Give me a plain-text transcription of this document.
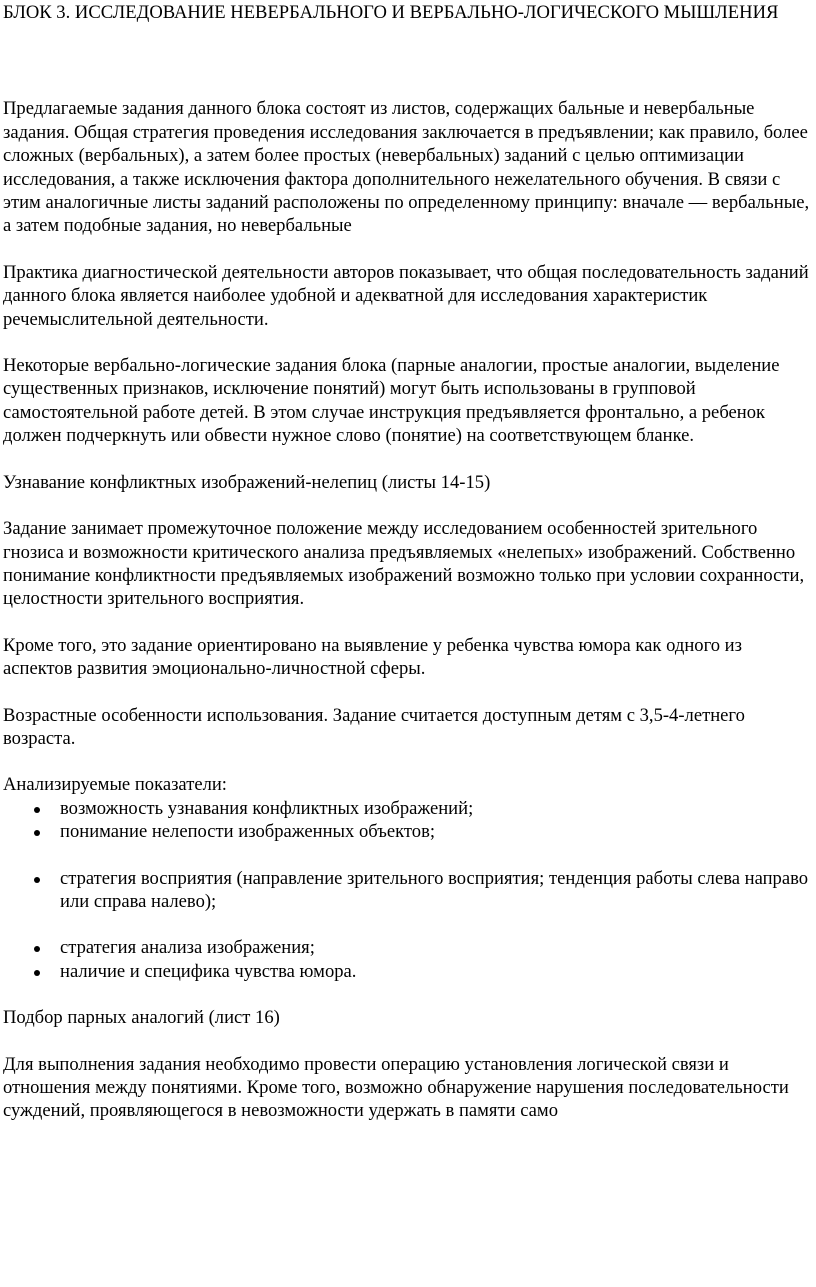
БЛОК 3. ИССЛЕДОВАНИЕ НЕВЕРБАЛЬНОГО И ВЕРБАЛЬНО-ЛОГИЧЕСКОГО МЫШЛЕНИЯ

Предлагаемые задания данного блока состоят из листов, содержащих бальные и невербальные задания. Общая стратегия проведения исследования заключается в предъявлении; как правило, более сложных (вербальных), а затем более простых (невербальных) заданий с целью оптимизации исследования, а также исключения фактора дополнительного нежелательного обучения. В связи с этим аналогичные листы заданий расположены по определенному принципу: вначале — вербальные, а затем подобные задания, но невербальные

Практика диагностической деятельности авторов показывает, что общая последовательность заданий данного блока является наиболее удобной и адекватной для исследования характеристик речемыслительной деятельности.

Некоторые вербально-логические задания блока (парные аналогии, простые аналогии, выделение существенных признаков, исключение понятий) могут быть использованы в групповой самостоятельной работе детей. В этом случае инструкция предъявляется фронтально, а ребенок должен подчеркнуть или обвести нужное слово (понятие) на соответствующем бланке.

Узнавание конфликтных изображений-нелепиц (листы 14-15)

Задание занимает промежуточное положение между исследованием особенностей зрительного гнозиса и возможности критического анализа предъявляемых «нелепых» изображений. Собственно понимание конфликтности предъявляемых изображений возможно только при условии сохранности, целостности зрительного восприятия.

Кроме того, это задание ориентировано на выявление у ребенка чувства юмора как одного из аспектов развития эмоционально-личностной сферы.

Возрастные особенности использования. Задание считается доступным детям с 3,5-4-летнего возраста.

Анализируемые показатели:

возможность узнавания конфликтных изображений;
понимание нелепости изображенных объектов;
стратегия восприятия (направление зрительного восприятия; тенденция работы слева направо или справа налево);
стратегия анализа изображения;
наличие и специфика чувства юмора.

Подбор парных аналогий (лист 16)

Для выполнения задания необходимо провести операцию установления логической связи и отношения между понятиями. Кроме того, возможно обнаружение нарушения последовательности суждений, проявляющегося в невозможности удержать в памяти само
